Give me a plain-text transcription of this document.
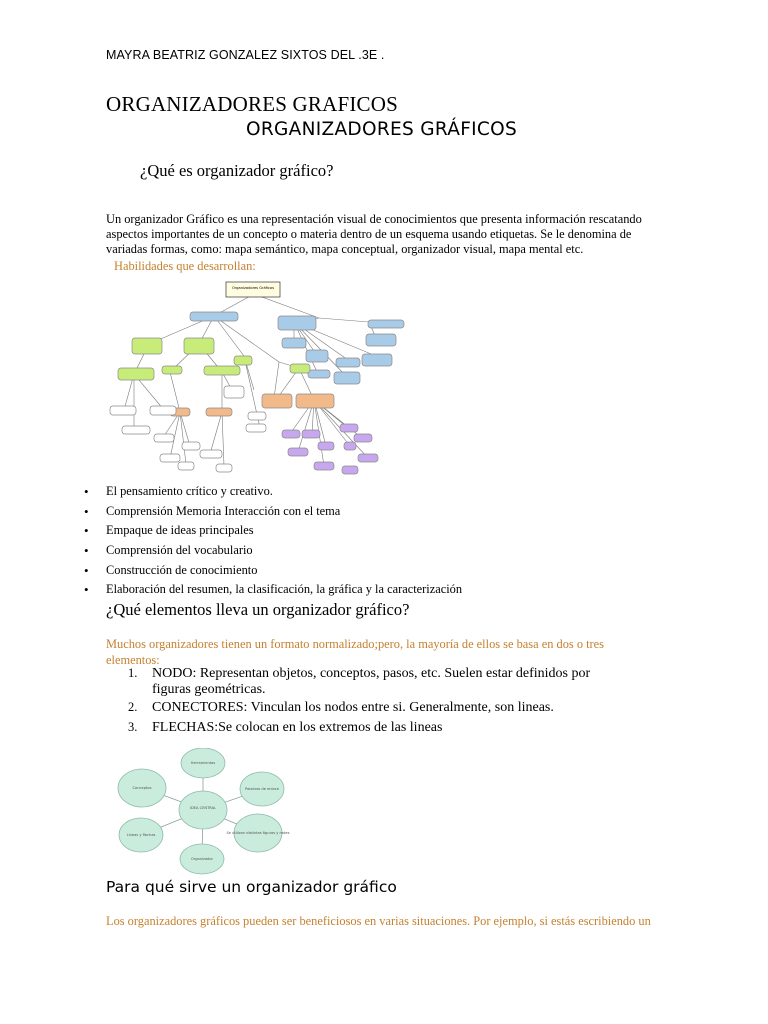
MAYRA BEATRIZ GONZALEZ SIXTOS DEL .3E .
ORGANIZADORES GRAFICOS
ORGANIZADORES GRÁFICOS
¿Qué es organizador gráfico?
Un organizador Gráfico es una representación visual de conocimientos que presenta información rescatando
aspectos importantes de un concepto o materia dentro de un esquema usando etiquetas. Se le denomina de
variadas formas, como: mapa semántico, mapa conceptual, organizador visual, mapa mental etc.
Habilidades que desarrollan:
Organizadores Gráficos
• El pensamiento crítico y creativo.
• Comprensión Memoria Interacción con el tema
• Empaque de ideas principales
• Comprensión del vocabulario
• Construcción de conocimiento
• Elaboración del resumen, la clasificación, la gráfica y la caracterización
¿Qué elementos lleva un organizador gráfico?
Muchos organizadores tienen un formato normalizado;pero, la mayoría de ellos se basa en dos o tres
elementos:
1. NODO: Representan objetos, conceptos, pasos, etc. Suelen estar definidos por figuras geométricas.
2. CONECTORES: Vinculan los nodos entre si. Generalmente, son lineas.
3. FLECHAS:Se colocan en los extremos de las lineas
IDEA CENTRAL
Herramientas
Palabras de enlace
Se utilizan distintas figuras y redes
Organizador
Líneas y flechas
Conceptos
Para qué sirve un organizador gráfico
Los organizadores gráficos pueden ser beneficiosos en varias situaciones. Por ejemplo, si estás escribiendo un
